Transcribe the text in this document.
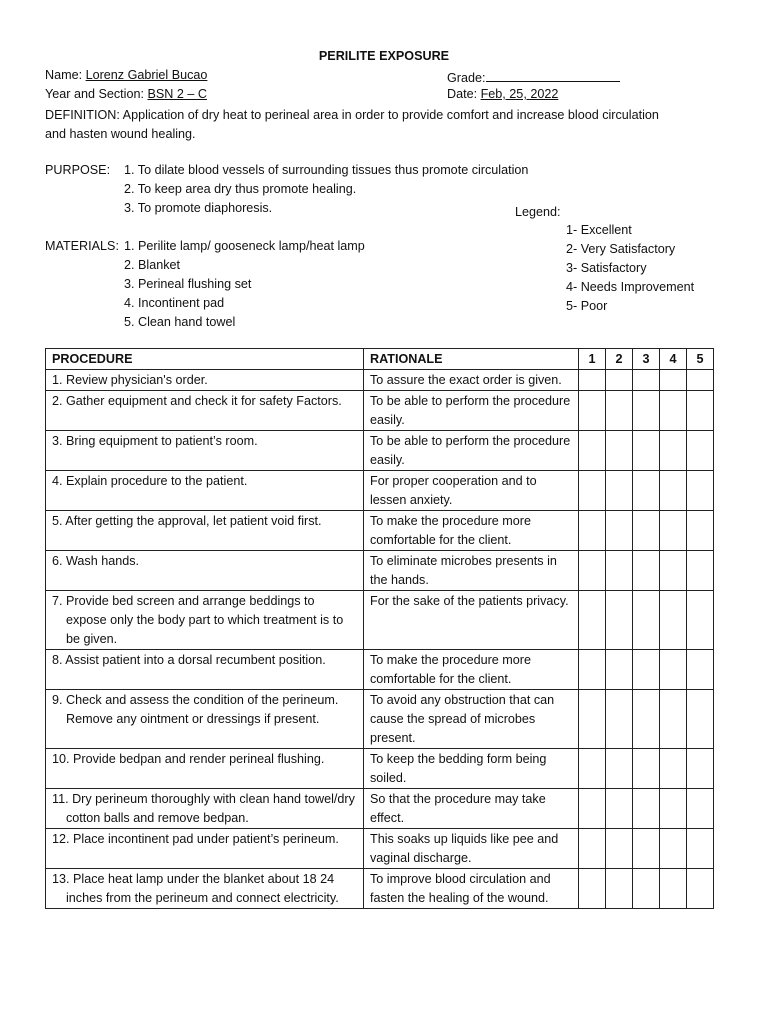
PERILITE EXPOSURE
Name: Lorenz Gabriel Bucao	Grade:
Year and Section: BSN 2 – C	Date: Feb, 25, 2022
DEFINITION: Application of dry heat to perineal area in order to provide comfort and increase blood circulation and hasten wound healing.
PURPOSE: 1. To dilate blood vessels of surrounding tissues thus promote circulation
2. To keep area dry thus promote healing.
3. To promote diaphoresis.	Legend:
1- Excellent
2- Very Satisfactory
3- Satisfactory
4- Needs Improvement
5- Poor
MATERIALS: 1. Perilite lamp/ gooseneck lamp/heat lamp
2. Blanket
3. Perineal flushing set
4. Incontinent pad
5. Clean hand towel
PROCEDURE	RATIONALE	1	2	3	4	5
1. Review physician's order.	To assure the exact order is given.					
2. Gather equipment and check it for safety Factors.	To be able to perform the procedure easily.					
3. Bring equipment to patient’s room.	To be able to perform the procedure easily.					
4. Explain procedure to the patient.	For proper cooperation and to lessen anxiety.					
5. After getting the approval, let patient void first.	To make the procedure more comfortable for the client.					
6. Wash hands.	To eliminate microbes presents in the hands.					
7. Provide bed screen and arrange beddings to expose only the body part to which treatment is to be given.	For the sake of the patients privacy.					
8. Assist patient into a dorsal recumbent position.	To make the procedure more comfortable for the client.					
9. Check and assess the condition of the perineum. Remove any ointment or dressings if present.	To avoid any obstruction that can cause the spread of microbes present.					
10. Provide bedpan and render perineal flushing.	To keep the bedding form being soiled.					
11. Dry perineum thoroughly with clean hand towel/dry cotton balls and remove bedpan.	So that the procedure may take effect.					
12. Place incontinent pad under patient’s perineum.	This soaks up liquids like pee and vaginal discharge.					
13. Place heat lamp under the blanket about 18 24 inches from the perineum and connect electricity.	To improve blood circulation and fasten the healing of the wound.					
